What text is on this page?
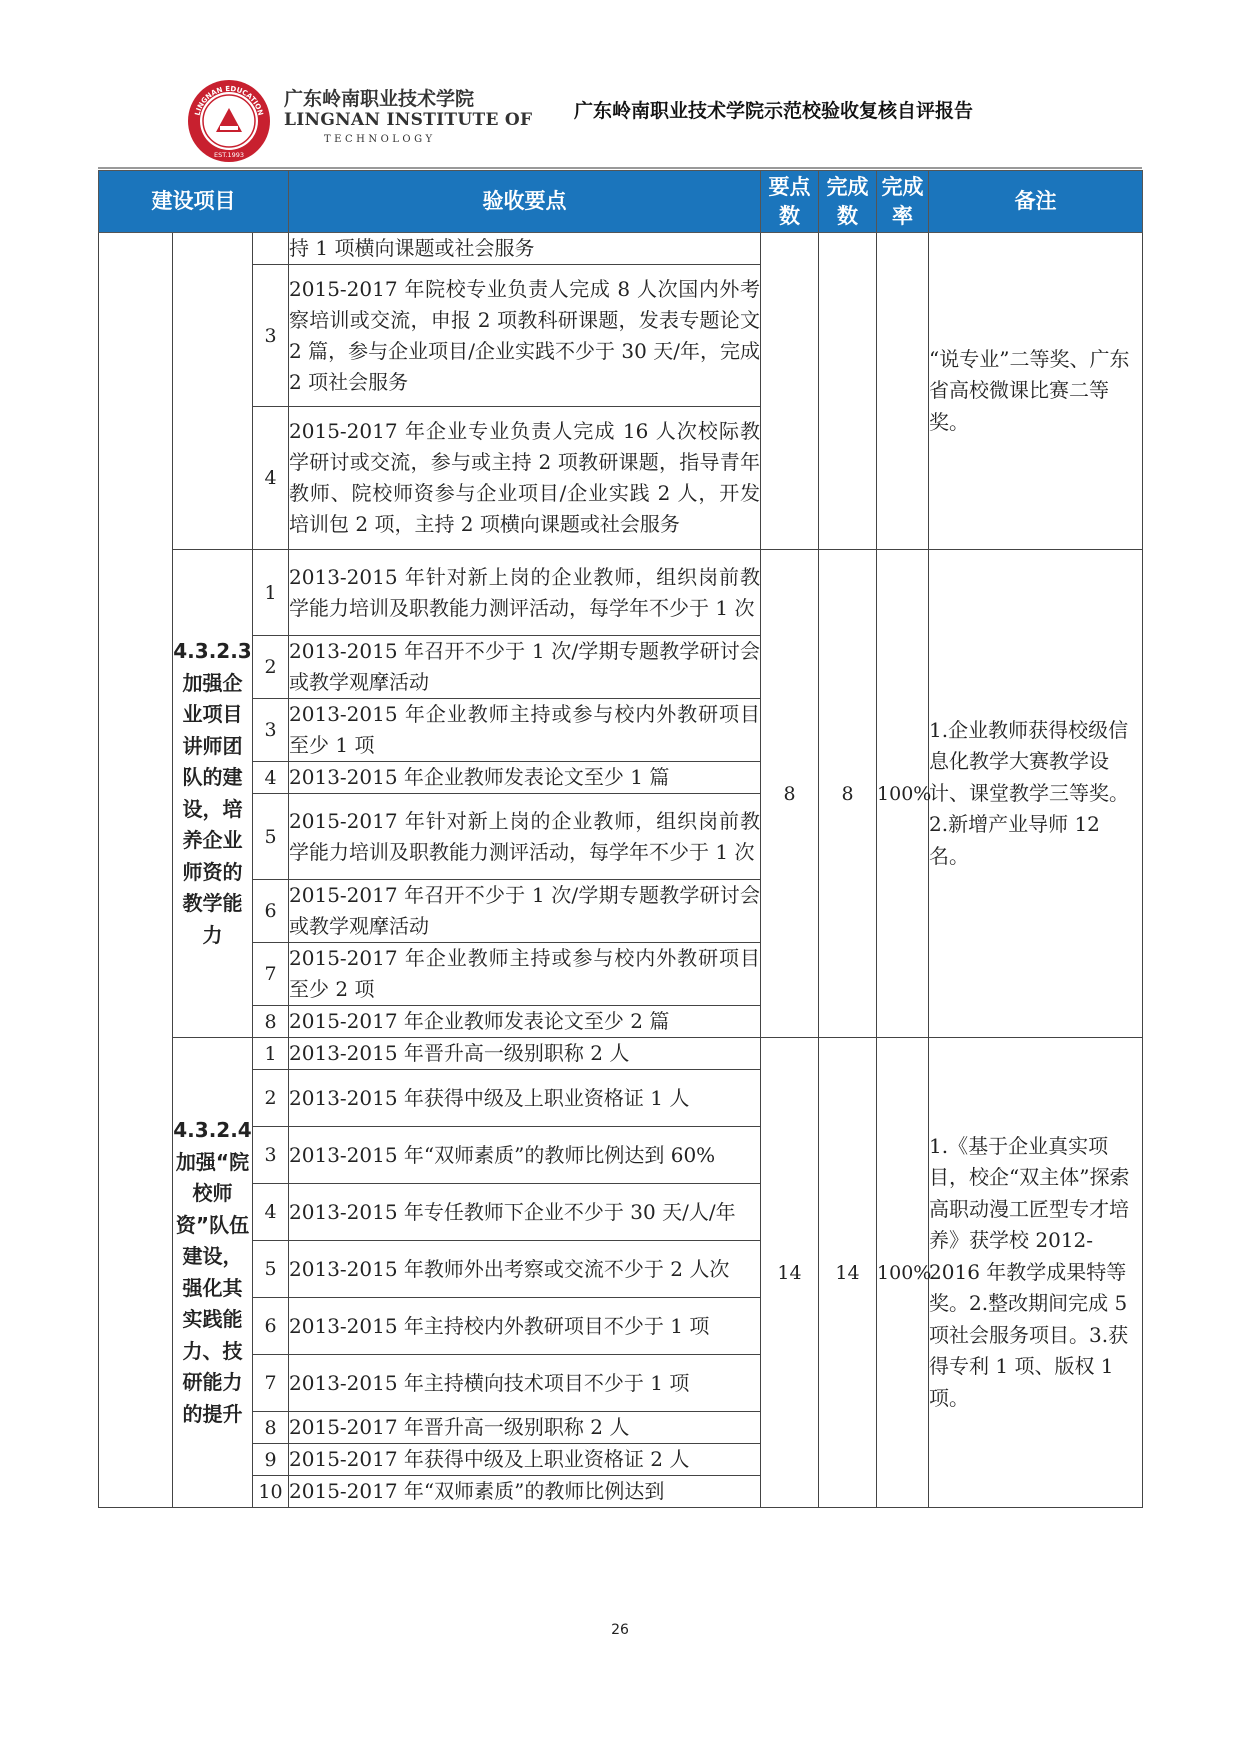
LINGNAN EDUCATION
EST.1993
广东岭南职业技术学院
LINGNAN INSTITUTE OF
TECHNOLOGY
广东岭南职业技术学院示范校验收复核自评报告
建设项目			验收要点	要点数	完成数	完成率	备注
			持 1 项横向课题或社会服务				“说专业”二等奖、广东省高校微课比赛二等奖。
		3	2015-2017 年院校专业负责人完成 8 人次国内外考察培训或交流，申报 2 项教科研课题，发表专题论文 2 篇，参与企业项目/企业实践不少于 30 天/年，完成 2 项社会服务				
		4	2015-2017 年企业专业负责人完成 16 人次校际教学研讨或交流，参与或主持 2 项教研课题，指导青年教师、院校师资参与企业项目/企业实践 2 人，开发培训包 2 项，主持 2 项横向课题或社会服务				
	4.3.2.3 加强企业项目讲师团队的建设，培养企业师资的教学能力	1	2013-2015 年针对新上岗的企业教师，组织岗前教学能力培训及职教能力测评活动，每学年不少于 1 次	8	8	100%	1.企业教师获得校级信息化教学大赛教学设计、课堂教学三等奖。2.新增产业导师 12 名。
		2	2013-2015 年召开不少于 1 次/学期专题教学研讨会或教学观摩活动				
		3	2013-2015 年企业教师主持或参与校内外教研项目至少 1 项				
		4	2013-2015 年企业教师发表论文至少 1 篇				
		5	2015-2017 年针对新上岗的企业教师，组织岗前教学能力培训及职教能力测评活动，每学年不少于 1 次				
		6	2015-2017 年召开不少于 1 次/学期专题教学研讨会或教学观摩活动				
		7	2015-2017 年企业教师主持或参与校内外教研项目至少 2 项				
		8	2015-2017 年企业教师发表论文至少 2 篇				
	4.3.2.4 加强“院校师资”队伍建设，强化其实践能力、技研能力的提升	1	2013-2015 年晋升高一级别职称 2 人	14	14	100%	1.《基于企业真实项目，校企“双主体”探索高职动漫工匠型专才培养》获学校 2012-2016 年教学成果特等奖。2.整改期间完成 5 项社会服务项目。3.获得专利 1 项、版权 1 项。
		2	2013-2015 年获得中级及上职业资格证 1 人				
		3	2013-2015 年“双师素质”的教师比例达到 60%				
		4	2013-2015 年专任教师下企业不少于 30 天/人/年				
		5	2013-2015 年教师外出考察或交流不少于 2 人次				
		6	2013-2015 年主持校内外教研项目不少于 1 项				
		7	2013-2015 年主持横向技术项目不少于 1 项				
		8	2015-2017 年晋升高一级别职称 2 人				
		9	2015-2017 年获得中级及上职业资格证 2 人				
		10	2015-2017 年“双师素质”的教师比例达到				
26
